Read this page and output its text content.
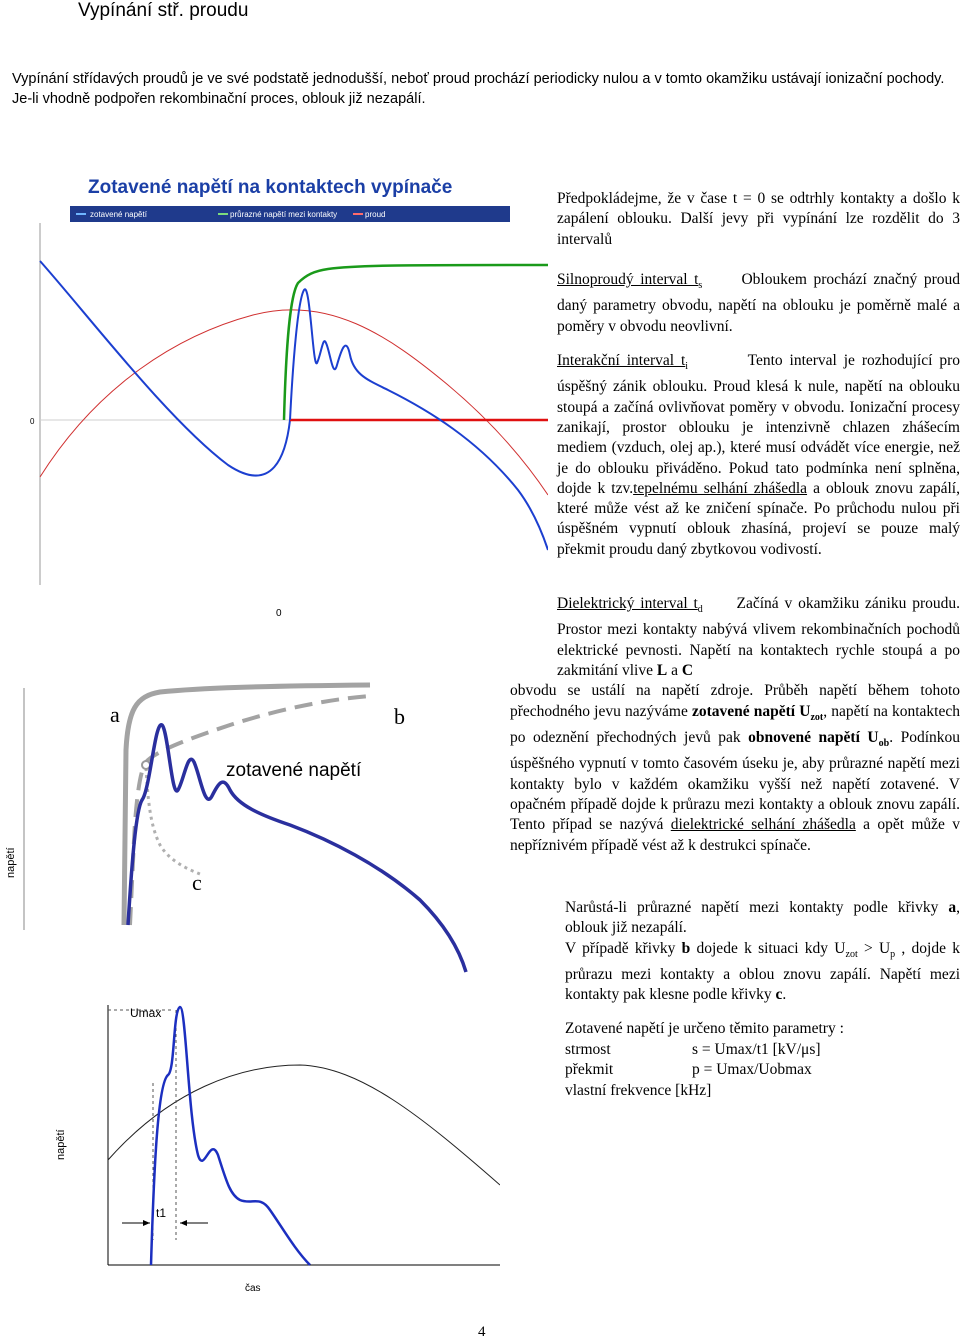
Vypínání stř. proudu
Vypínání střídavých proudů je ve své podstatě jednodušší, neboť proud prochází periodicky nulou a v tomto okamžiku ustávají ionizační pochody. Je-li vhodně podpořen rekombinační proces, oblouk již nezapálí.
Zotavené napětí na kontaktech vypínače
zotavené napětí	průrazné napětí mezi kontakty	proud
0
Předpokládejme, že v čase t = 0 se odtrhly kontakty a došlo k zapálení oblouku. Další jevy při vypínání lze rozdělit do 3 intervalů
Silnoproudý interval $t_s$	Obloukem prochází značný proud daný parametry obvodu, napětí na oblouku je poměrně malé a poměry v obvodu neovlivní.
Interakční interval $t_i$	Tento interval je rozhodující pro úspěšný zánik oblouku. Proud klesá k nule, napětí na oblouku stoupá a začíná ovlivňovat poměry v obvodu. Ionizační procesy zanikají, prostor oblouku je intenzivně chlazen zhášecím mediem (vzduch, olej ap.), které musí odvádět více energie, než je do oblouku přiváděno. Pokud tato podmínka není splněna, dojde k tzv.tepelnému selhání zhášedla a oblouk znovu zapálí, které může vést až ke zničení spínače. Po průchodu nulou při úspěšném vypnutí oblouk zhasíná, projeví se pouze malý překmit proudu daný zbytkovou vodivostí.
0
napětí
a	b
c
zotavené napětí
Dielektrický interval $t_d$ Začíná v okamžiku zániku proudu. Prostor mezi kontakty nabývá vlivem rekombinačních pochodů elektrické pevnosti. Napětí na kontaktech rychle stoupá a po zakmitání vlive L a C
obvodu se ustálí na napětí zdroje. Průběh napětí během tohoto přechodného jevu nazýváme zotavené napětí $U_{zot}$, napětí na kontaktech po odeznění přechodných jevů pak obnovené napětí $U_{ob}$. Podínkou úspěšného vypnutí v tomto časovém úseku je, aby průrazné napětí mezi kontakty bylo v každém okamžiku vyšší než napětí zotavené. V opačném případě dojde k průrazu mezi kontakty a oblouk znovu zapálí. Tento případ se nazývá dielektrické selhání zhášedla a opět může v nepříznivém případě vést až k destrukci spínače.
Umax
napětí
čas
t1
Narůstá-li průrazné napětí mezi kontakty podle křivky a, oblouk již nezapálí.
V případě křivky b dojede k situaci kdy $U_{zot} > U_p$ , dojde k průrazu mezi kontakty a oblou znovu zapálí. Napětí mezi kontakty pak klesne podle křivky c.
Zotavené napětí je určeno těmito parametry :
strmost	s = Umax/t1 [kV/μs]
překmit	p = Umax/Uobmax
vlastní frekvence [kHz]
4
